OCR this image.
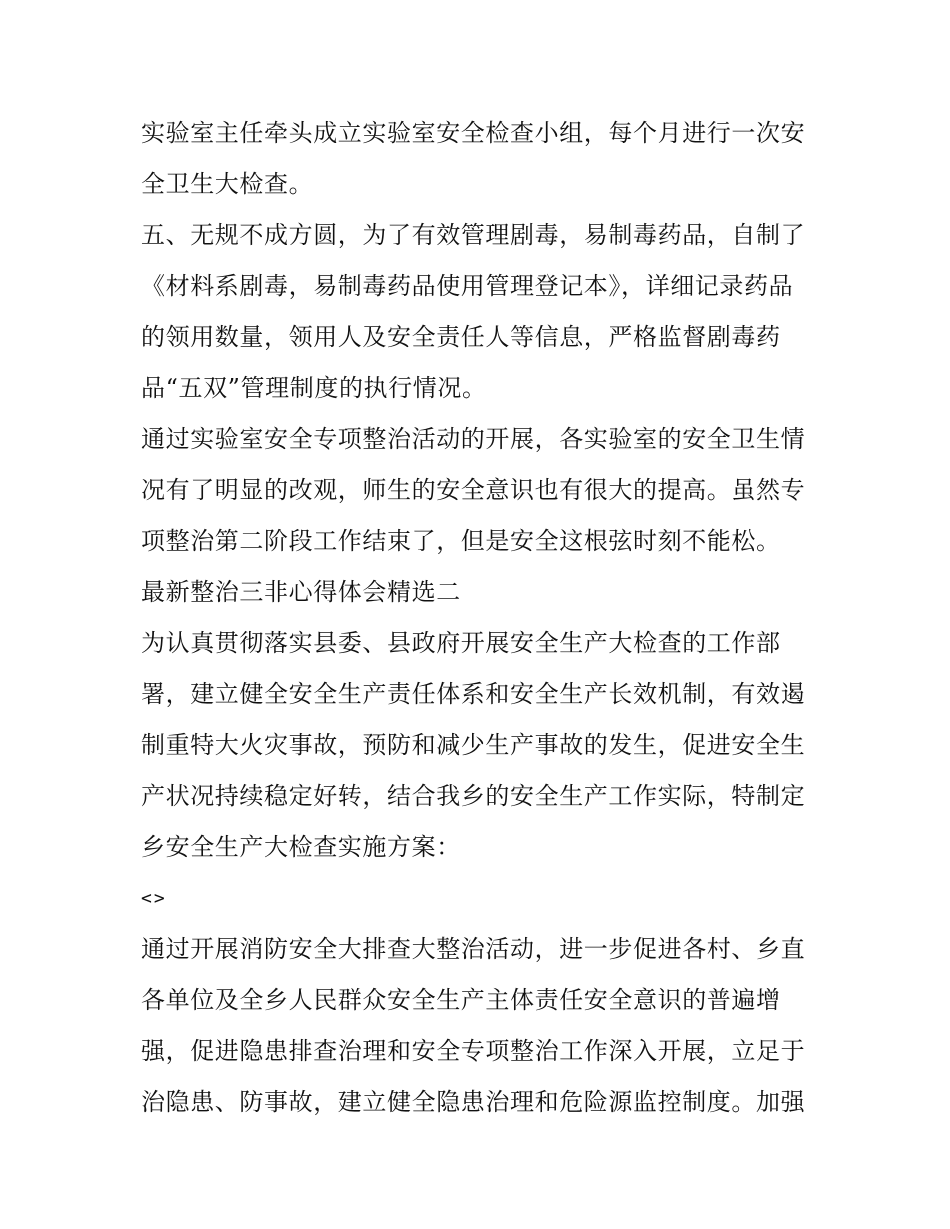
实验室主任牵头成立实验室安全检查小组，每个月进行一次安
全卫生大检查。
五、无规不成方圆，为了有效管理剧毒，易制毒药品，自制了
《材料系剧毒，易制毒药品使用管理登记本》，详细记录药品
的领用数量，领用人及安全责任人等信息，严格监督剧毒药
品“五双”管理制度的执行情况。
通过实验室安全专项整治活动的开展，各实验室的安全卫生情
况有了明显的改观，师生的安全意识也有很大的提高。虽然专
项整治第二阶段工作结束了，但是安全这根弦时刻不能松。
最新整治三非心得体会精选二
为认真贯彻落实县委、县政府开展安全生产大检查的工作部
署，建立健全安全生产责任体系和安全生产长效机制，有效遏
制重特大火灾事故，预防和减少生产事故的发生，促进安全生
产状况持续稳定好转，结合我乡的安全生产工作实际，特制定
乡安全生产大检查实施方案：
<>
通过开展消防安全大排查大整治活动，进一步促进各村、乡直
各单位及全乡人民群众安全生产主体责任安全意识的普遍增
强，促进隐患排查治理和安全专项整治工作深入开展，立足于
治隐患、防事故，建立健全隐患治理和危险源监控制度。加强
